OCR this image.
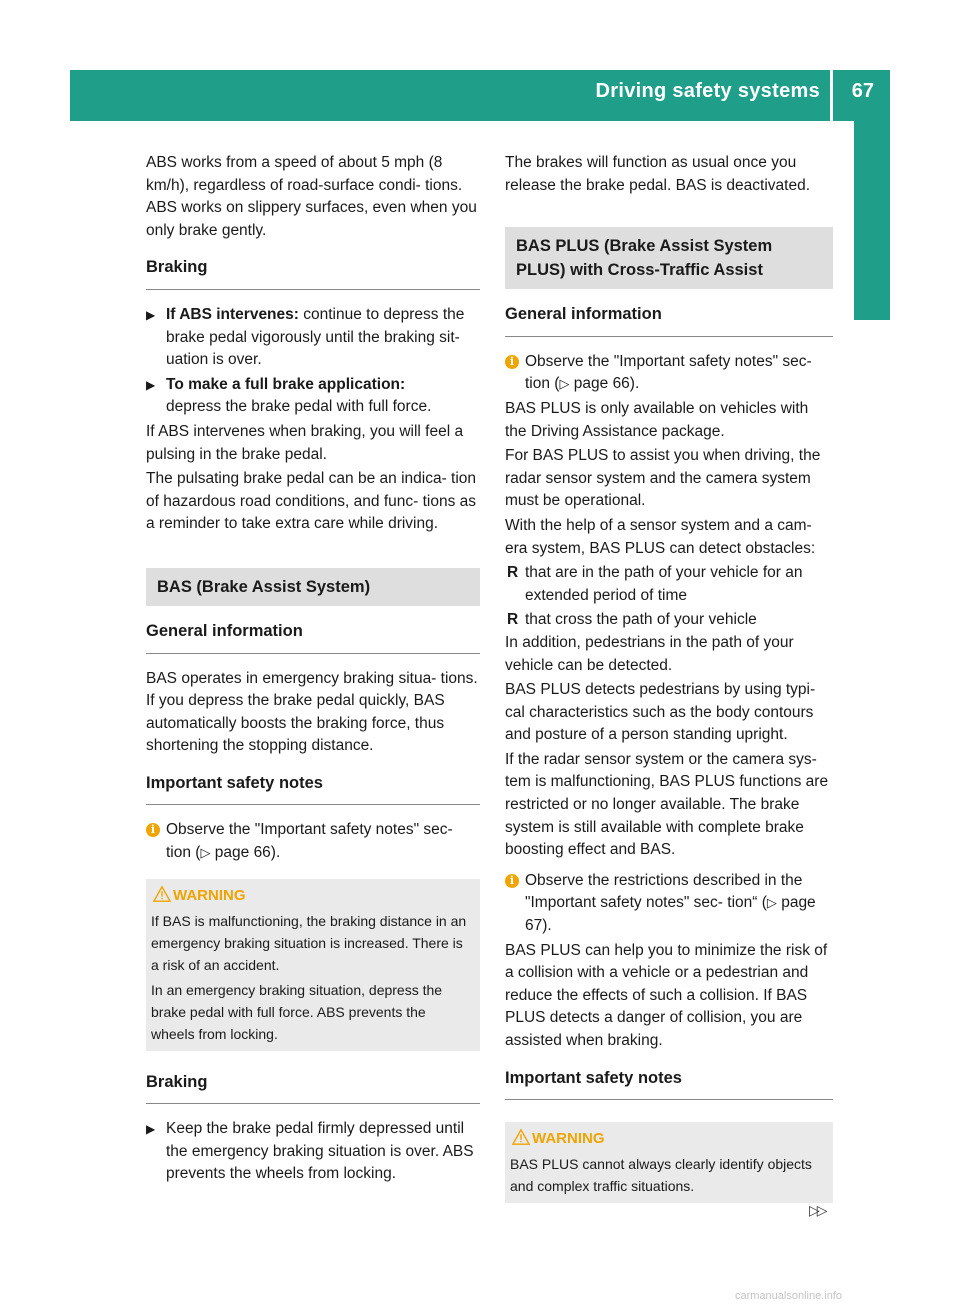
Driving safety systems 67
Safety

ABS works from a speed of about 5 mph (8 km/h), regardless of road-surface condi- tions. ABS works on slippery surfaces, even when you only brake gently.

Braking
▶ If ABS intervenes: continue to depress the brake pedal vigorously until the braking sit- uation is over.
▶ To make a full brake application:
depress the brake pedal with full force.

If ABS intervenes when braking, you will feel a pulsing in the brake pedal.

The pulsating brake pedal can be an indica- tion of hazardous road conditions, and func- tions as a reminder to take extra care while driving.

BAS (Brake Assist System)
General information

BAS operates in emergency braking situa- tions. If you depress the brake pedal quickly, BAS automatically boosts the braking force, thus shortening the stopping distance.

Important safety notes
i Observe the "Important safety notes" sec- tion (▷ page 66).
WARNING

If BAS is malfunctioning, the braking distance in an emergency braking situation is increased. There is a risk of an accident.

In an emergency braking situation, depress the brake pedal with full force. ABS prevents the wheels from locking.

Braking
▶ Keep the brake pedal firmly depressed until the emergency braking situation is over. ABS prevents the wheels from locking.

The brakes will function as usual once you release the brake pedal. BAS is deactivated.

BAS PLUS (Brake Assist System PLUS) with Cross-Traffic Assist
General information
i Observe the "Important safety notes" sec- tion (▷ page 66).

BAS PLUS is only available on vehicles with the Driving Assistance package.

For BAS PLUS to assist you when driving, the radar sensor system and the camera system must be operational.

With the help of a sensor system and a cam- era system, BAS PLUS can detect obstacles:

R that are in the path of your vehicle for an extended period of time
R that cross the path of your vehicle

In addition, pedestrians in the path of your vehicle can be detected.

BAS PLUS detects pedestrians by using typi- cal characteristics such as the body contours and posture of a person standing upright.

If the radar sensor system or the camera sys- tem is malfunctioning, BAS PLUS functions are restricted or no longer available. The brake system is still available with complete brake boosting effect and BAS.

i Observe the restrictions described in the "Important safety notes" sec- tion“ (▷ page 67).

BAS PLUS can help you to minimize the risk of a collision with a vehicle or a pedestrian and reduce the effects of such a collision. If BAS PLUS detects a danger of collision, you are assisted when braking.

Important safety notes
WARNING

BAS PLUS cannot always clearly identify objects and complex traffic situations.

▷▷
carmanualsonline.info
